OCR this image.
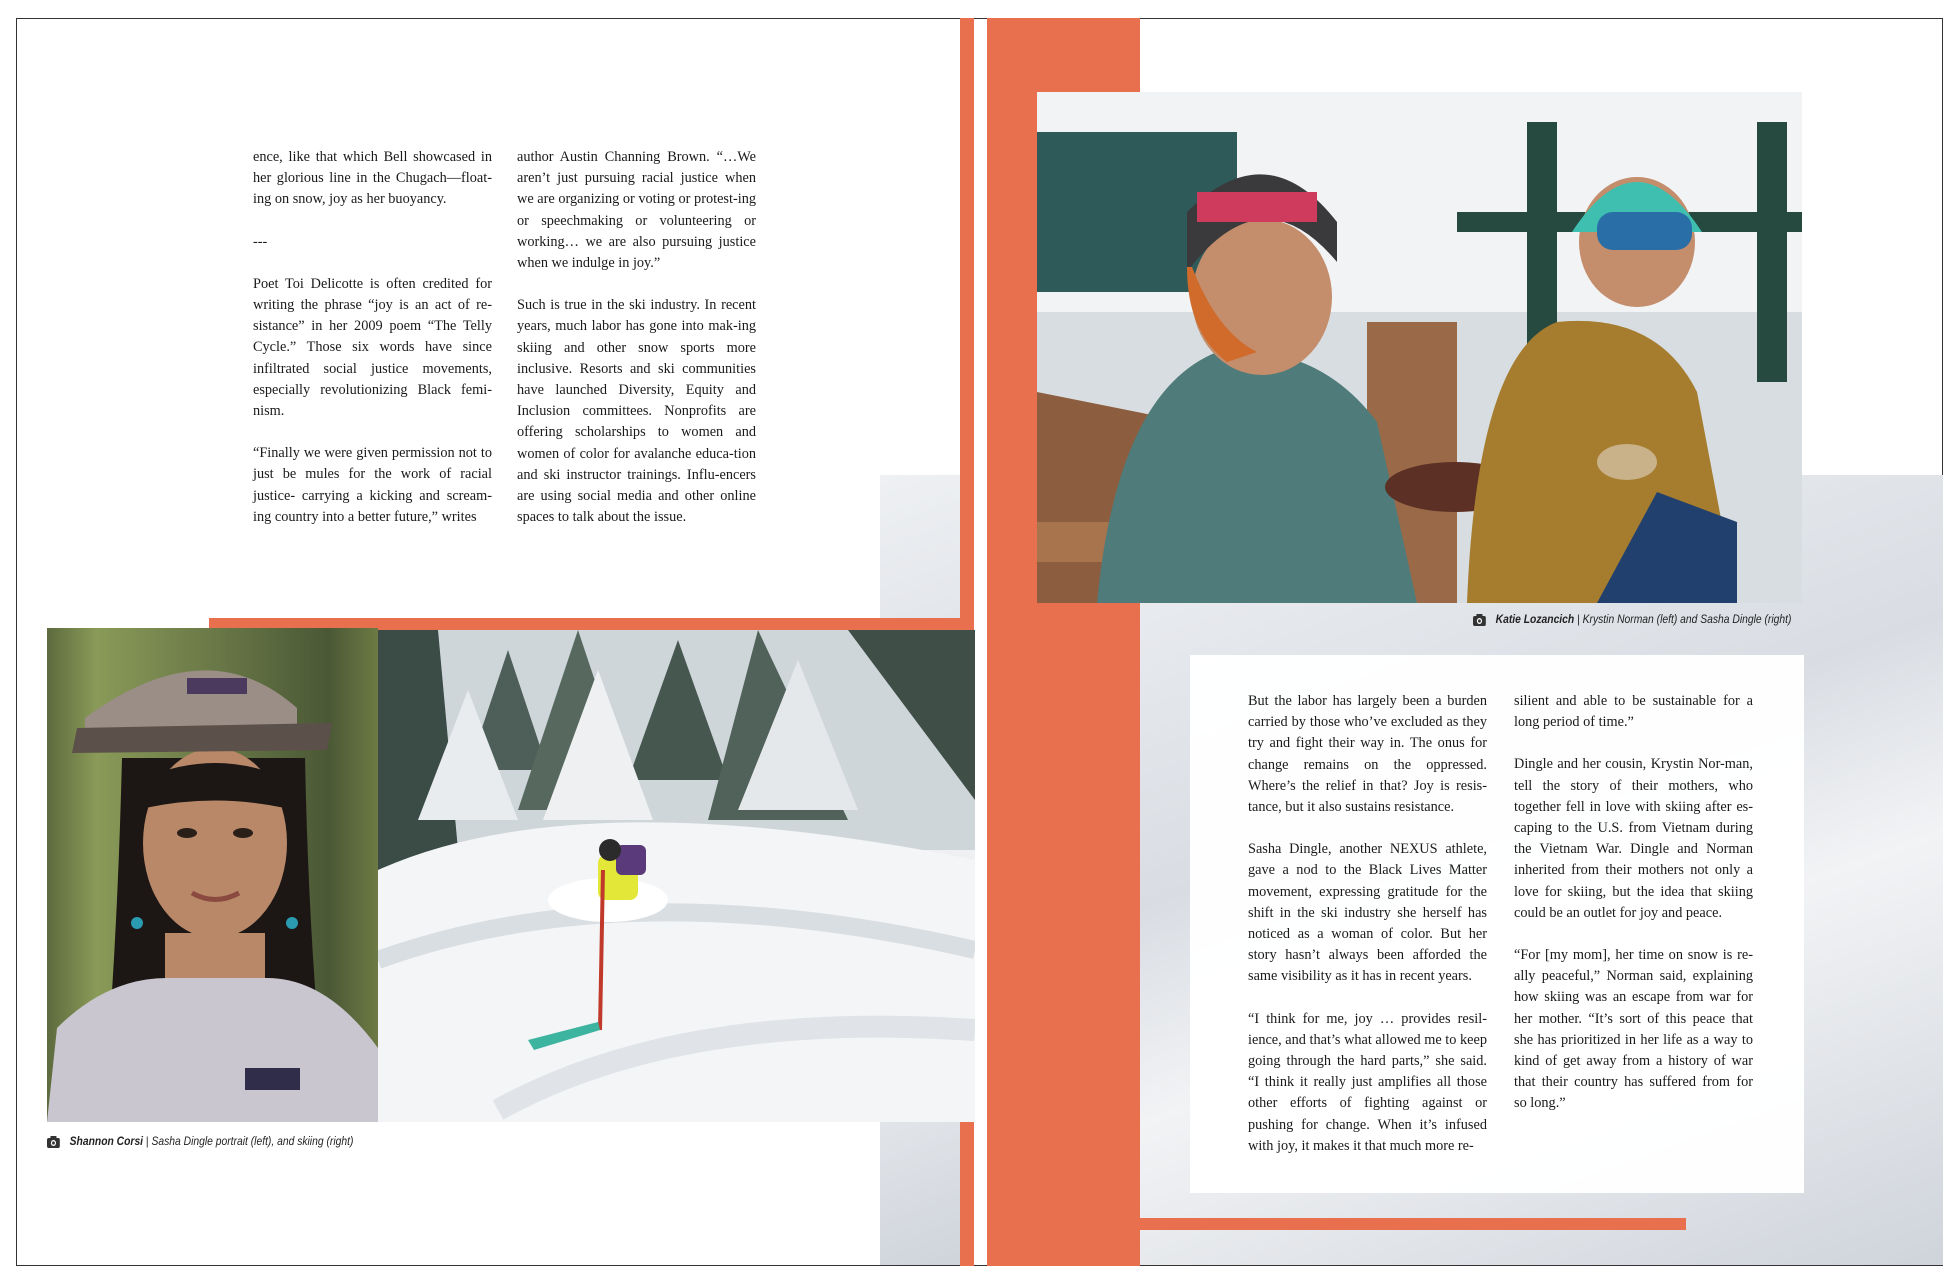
ence, like that which Bell showcased in her glorious line in the Chugach—float-ing on snow, joy as her buoyancy.

---

Poet Toi Delicotte is often credited for writing the phrase “joy is an act of re-sistance” in her 2009 poem “The Telly Cycle.” Those six words have since infiltrated social justice movements, especially revolutionizing Black femi-nism.

“Finally we were given permission not to just be mules for the work of racial justice- carrying a kicking and scream-ing country into a better future,” writes

author Austin Channing Brown. “…We aren’t just pursuing racial justice when we are organizing or voting or protest-ing or speechmaking or volunteering or working… we are also pursuing justice when we indulge in joy.”

Such is true in the ski industry. In recent years, much labor has gone into mak-ing skiing and other snow sports more inclusive. Resorts and ski communities have launched Diversity, Equity and Inclusion committees. Nonprofits are offering scholarships to women and women of color for avalanche educa-tion and ski instructor trainings. Influ-encers are using social media and other online spaces to talk about the issue.

Shannon Corsi | Sasha Dingle portrait (left), and skiing (right)
Katie Lozancich | Krystin Norman (left) and Sasha Dingle (right)

But the labor has largely been a burden carried by those who’ve excluded as they try and fight their way in. The onus for change remains on the oppressed. Where’s the relief in that? Joy is resis-tance, but it also sustains resistance.

Sasha Dingle, another NEXUS athlete, gave a nod to the Black Lives Matter movement, expressing gratitude for the shift in the ski industry she herself has noticed as a woman of color. But her story hasn’t always been afforded the same visibility as it has in recent years.

“I think for me, joy … provides resil-ience, and that’s what allowed me to keep going through the hard parts,” she said. “I think it really just amplifies all those other efforts of fighting against or pushing for change. When it’s infused with joy, it makes it that much more re-

silient and able to be sustainable for a long period of time.”

Dingle and her cousin, Krystin Nor-man, tell the story of their mothers, who together fell in love with skiing after es-caping to the U.S. from Vietnam during the Vietnam War. Dingle and Norman inherited from their mothers not only a love for skiing, but the idea that skiing could be an outlet for joy and peace.

“For [my mom], her time on snow is re-ally peaceful,” Norman said, explaining how skiing was an escape from war for her mother. “It’s sort of this peace that she has prioritized in her life as a way to kind of get away from a history of war that their country has suffered from for so long.”
